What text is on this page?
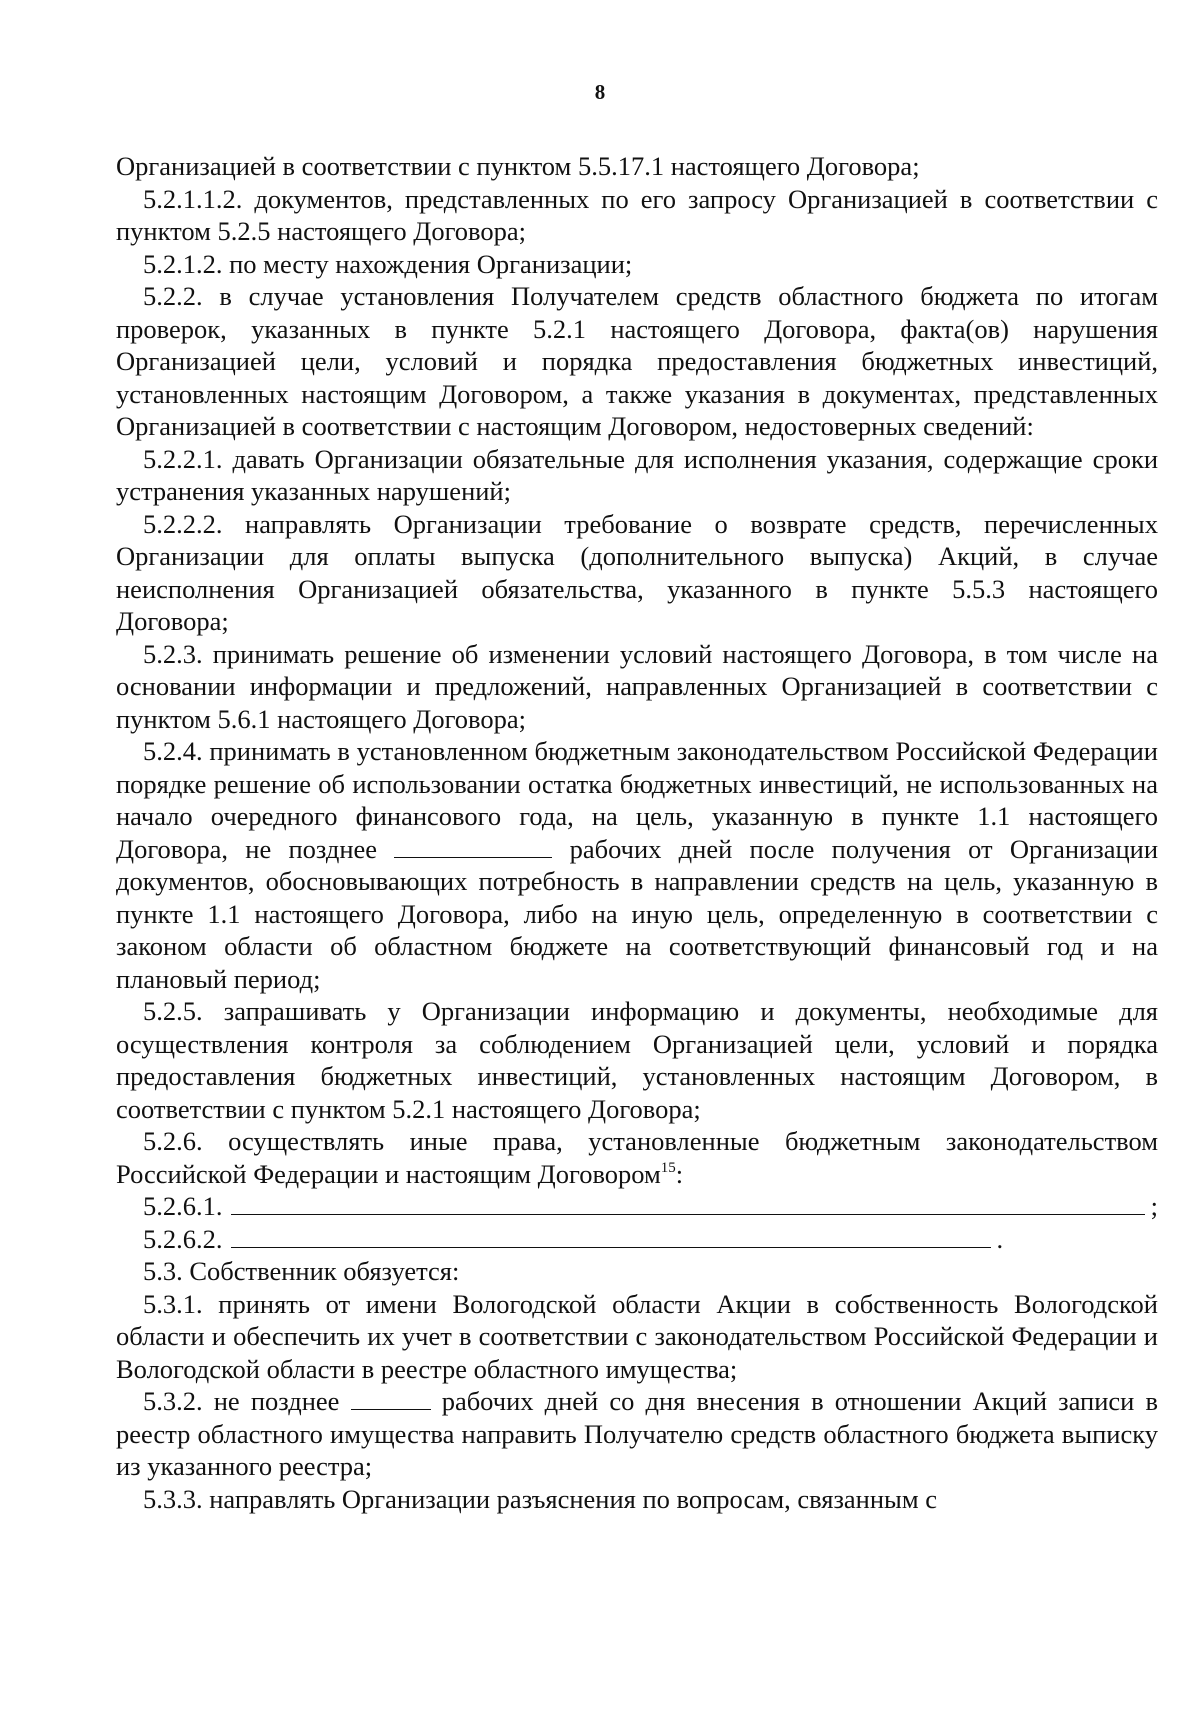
8

Организацией в соответствии с пунктом 5.5.17.1 настоящего Договора;

5.2.1.1.2. документов, представленных по его запросу Организацией в соответствии с пунктом 5.2.5 настоящего Договора;

5.2.1.2. по месту нахождения Организации;

5.2.2. в случае установления Получателем средств областного бюджета по итогам проверок, указанных в пункте 5.2.1 настоящего Договора, факта(ов) нарушения Организацией цели, условий и порядка предоставления бюджетных инвестиций, установленных настоящим Договором, а также указания в документах, представленных Организацией в соответствии с настоящим Договором, недостоверных сведений:

5.2.2.1. давать Организации обязательные для исполнения указания, содержащие сроки устранения указанных нарушений;

5.2.2.2. направлять Организации требование о возврате средств, перечисленных Организации для оплаты выпуска (дополнительного выпуска) Акций, в случае неисполнения Организацией обязательства, указанного в пункте 5.5.3 настоящего Договора;

5.2.3. принимать решение об изменении условий настоящего Договора, в том числе на основании информации и предложений, направленных Организацией в соответствии с пунктом 5.6.1 настоящего Договора;

5.2.4. принимать в установленном бюджетным законодательством Российской Федерации порядке решение об использовании остатка бюджетных инвестиций, не использованных на начало очередного финансового года, на цель, указанную в пункте 1.1 настоящего Договора, не позднее	рабочих дней после получения от Организации документов, обосновывающих потребность в направлении средств на цель, указанную в пункте 1.1 настоящего Договора, либо на иную цель, определенную в соответствии с законом области об областном бюджете на соответствующий финансовый год и на плановый период;

5.2.5. запрашивать у Организации информацию и документы, необходимые для осуществления контроля за соблюдением Организацией цели, условий и порядка предоставления бюджетных инвестиций, установленных настоящим Договором, в соответствии с пунктом 5.2.1 настоящего Договора;

5.2.6. осуществлять иные права, установленные бюджетным законодательством Российской Федерации и настоящим Договором$^{15}$:

5.2.6.1.	;

5.2.6.2.	.

5.3. Собственник обязуется:

5.3.1. принять от имени Вологодской области Акции в собственность Вологодской области и обеспечить их учет в соответствии с законодательством Российской Федерации и Вологодской области в реестре областного имущества;

5.3.2. не позднее	рабочих дней со дня внесения в отношении Акций записи в реестр областного имущества направить Получателю средств областного бюджета выписку из указанного реестра;

5.3.3. направлять Организации разъяснения по вопросам, связанным с
